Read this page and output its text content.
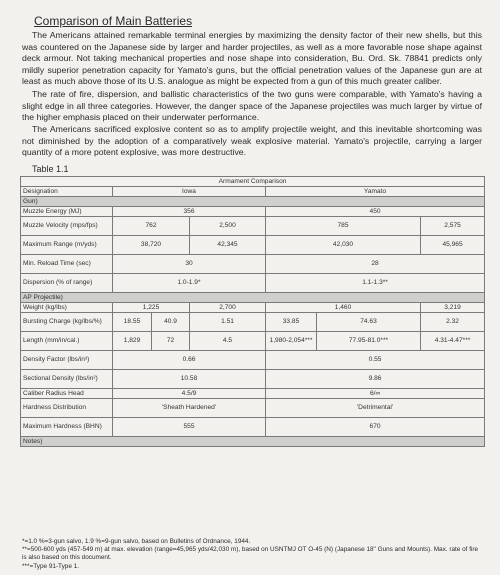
Comparison of Main Batteries

The Americans attained remarkable terminal energies by maximizing the density factor of their new shells, but this was countered on the Japanese side by larger and harder projectiles, as well as a more favorable nose shape against deck armour. Not taking mechanical properties and nose shape into consideration, Bu. Ord. Sk. 78841 predicts only mildly superior penetration capacity for Yamato's guns, but the official penetration values of the Japanese gun are at least as much above those of its U.S. analogue as might be expected from a gun of this much greater caliber.

The rate of fire, dispersion, and ballistic characteristics of the two guns were comparable, with Yamato's having a slight edge in all three categories. However, the danger space of the Japanese projectiles was much larger by virtue of the higher emphasis placed on their underwater performance.

The Americans sacrificed explosive content so as to amplify projectile weight, and this inevitable shortcoming was not diminished by the adoption of a comparatively weak explosive material. Yamato's projectile, carrying a larger quantity of a more potent explosive, was more destructive.

Table 1.1

Armament Comparison						
Designation	Iowa			Yamato		
Gun)						
Muzzle Energy (MJ)	356			450		
Muzzle Velocity (mps/fps)	762		2,500	785		2,575
Maximum Range (m/yds)	38,720		42,345	42,030		45,965
Min. Reload Time (sec)	30			28		
Dispersion (% of range)	1.0-1.9*			1.1-1.3**		
AP Projectile)						
Weight (kg/lbs)	1,225		2,700	1,460		3,219
Bursting Charge (kg/lbs/%)	18.55	40.9	1.51	33.85	74.63	2.32
Length (mm/in/cal.)	1,829	72	4.5	1,980-2,054***	77.95-81.0***	4.31-4.47***
Density Factor (lbs/in³)	0.66			0.55		
Sectional Density (lbs/in²)	10.58			9.86		
Caliber Radius Head	4.5/9			6/∞		
Hardness Distribution	'Sheath Hardened'			'Detrimental'		
Maximum Hardness (BHN)	555			670		
Notes)						

*=1.0 %=3-gun salvo, 1.9 %=9-gun salvo, based on Bulletins of Ordnance, 1944.

**=500-600 yds (457-549 m) at max. elevation (range=45,965 yds/42,030 m), based on USNTMJ OT O-45 (N) (Japanese 18" Guns and Mounts). Max. rate of fire is also based on this document.

***=Type 91-Type 1.
